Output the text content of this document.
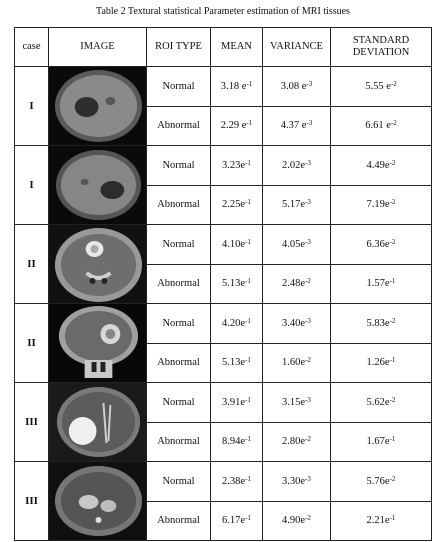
Table 2 Textural statistical Parameter estimation of MRI tissues
case	IMAGE	ROI TYPE	MEAN	VARIANCE	STANDARD
DEVIATION
I		Normal	3.18 $e^{-1}$	3.08 $e^{-3}$	5.55 $e^{-2}$
		Abnormal	2.29 $e^{-1}$	4.37 $e^{-3}$	6.61 $e^{-2}$
I		Normal	$3.23e^{-1}$	$2.02e^{-3}$	$4.49e^{-2}$
		Abnormal	$2.25e^{-1}$	$5.17e^{-3}$	$7.19e^{-2}$
II		Normal	$4.10e^{-1}$	$4.05e^{-3}$	$6.36e^{-2}$
		Abnormal	$5.13e^{-1}$	$2.48e^{-2}$	$1.57e^{-1}$
II		Normal	$4.20e^{-1}$	$3.40e^{-3}$	$5.83e^{-2}$
		Abnormal	$5.13e^{-1}$	$1.60e^{-2}$	$1.26e^{-1}$
III		Normal	$3.91e^{-1}$	$3.15e^{-3}$	$5.62e^{-2}$
		Abnormal	$8.94e^{-1}$	$2.80e^{-2}$	$1.67e^{-1}$
III		Normal	$2.38e^{-1}$	$3.30e^{-3}$	$5.76e^{-2}$
		Abnormal	$6.17e^{-1}$	$4.90e^{-2}$	$2.21e^{-1}$
